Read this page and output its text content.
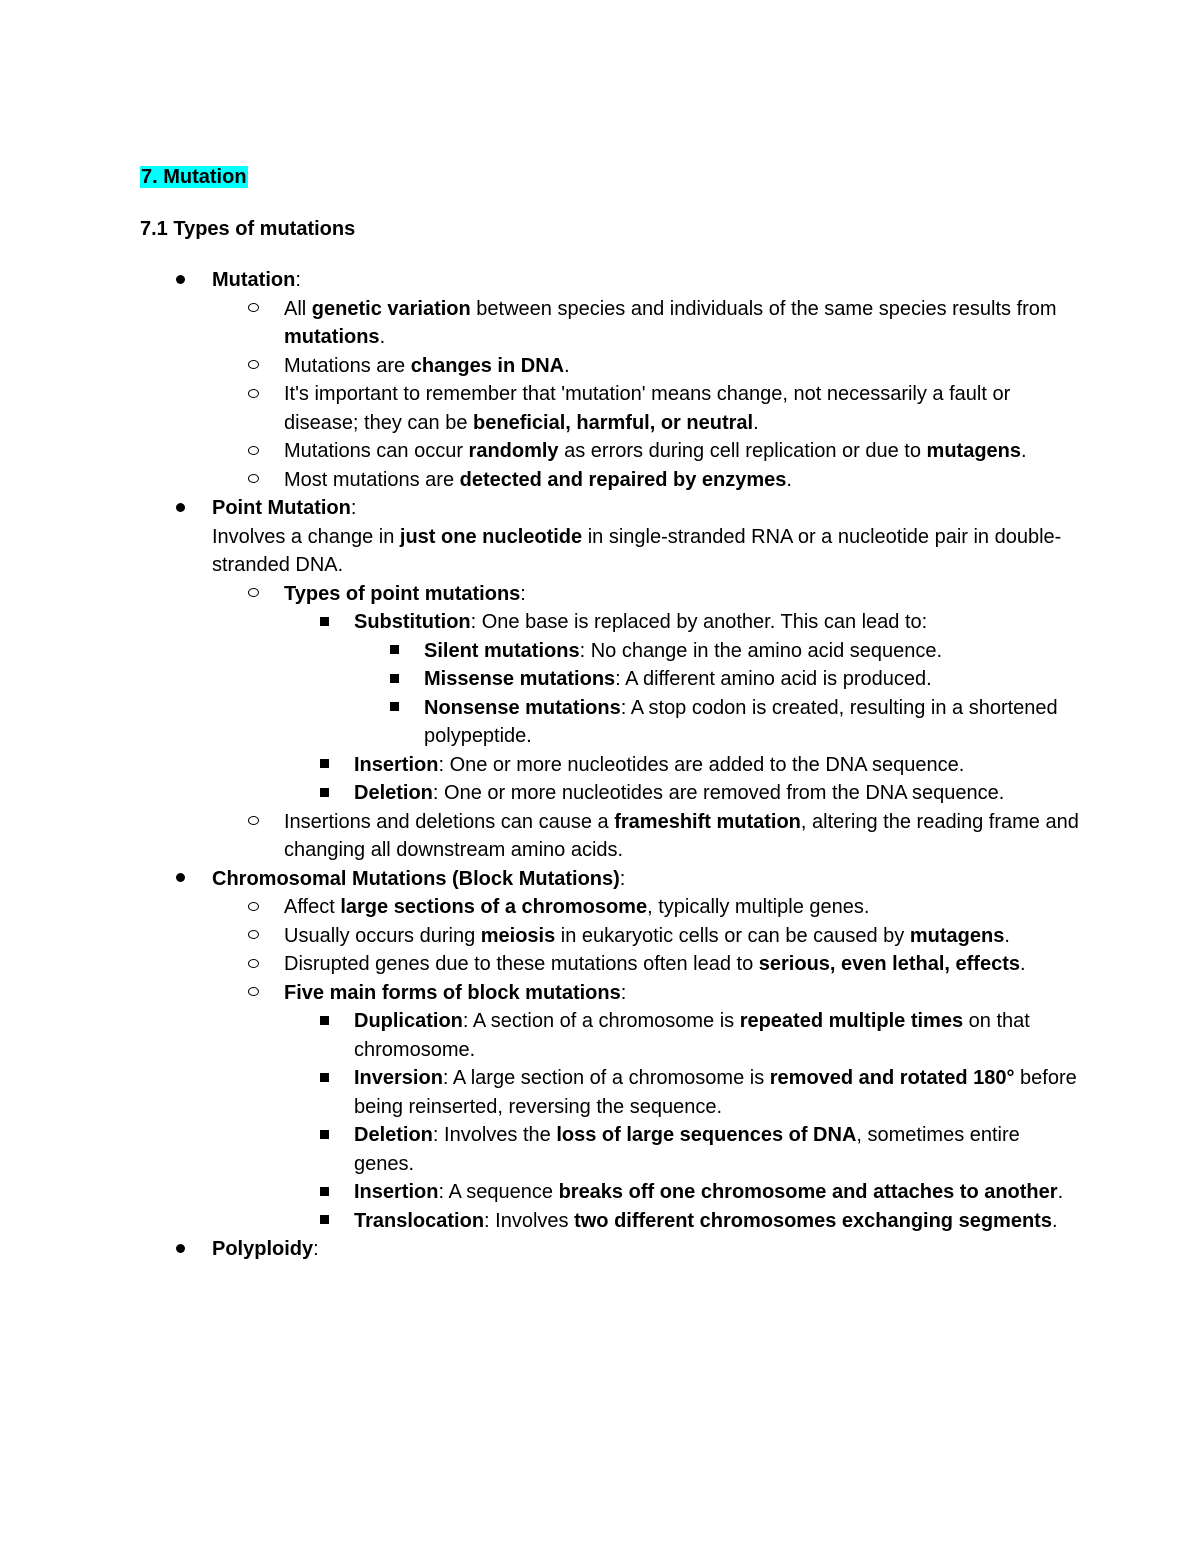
7. Mutation

7.1 Types of mutations

Mutation:
All genetic variation between species and individuals of the same species results from mutations.
Mutations are changes in DNA.
It's important to remember that 'mutation' means change, not necessarily a fault or disease; they can be beneficial, harmful, or neutral.
Mutations can occur randomly as errors during cell replication or due to mutagens.
Most mutations are detected and repaired by enzymes.
Point Mutation:
Involves a change in just one nucleotide in single-stranded RNA or a nucleotide pair in double-stranded DNA.
Types of point mutations:
Substitution: One base is replaced by another. This can lead to:
Silent mutations: No change in the amino acid sequence.
Missense mutations: A different amino acid is produced.
Nonsense mutations: A stop codon is created, resulting in a shortened polypeptide.
Insertion: One or more nucleotides are added to the DNA sequence.
Deletion: One or more nucleotides are removed from the DNA sequence.
Insertions and deletions can cause a frameshift mutation, altering the reading frame and changing all downstream amino acids.
Chromosomal Mutations (Block Mutations):
Affect large sections of a chromosome, typically multiple genes.
Usually occurs during meiosis in eukaryotic cells or can be caused by mutagens.
Disrupted genes due to these mutations often lead to serious, even lethal, effects.
Five main forms of block mutations:
Duplication: A section of a chromosome is repeated multiple times on that chromosome.
Inversion: A large section of a chromosome is removed and rotated 180° before being reinserted, reversing the sequence.
Deletion: Involves the loss of large sequences of DNA, sometimes entire genes.
Insertion: A sequence breaks off one chromosome and attaches to another.
Translocation: Involves two different chromosomes exchanging segments.
Polyploidy:
